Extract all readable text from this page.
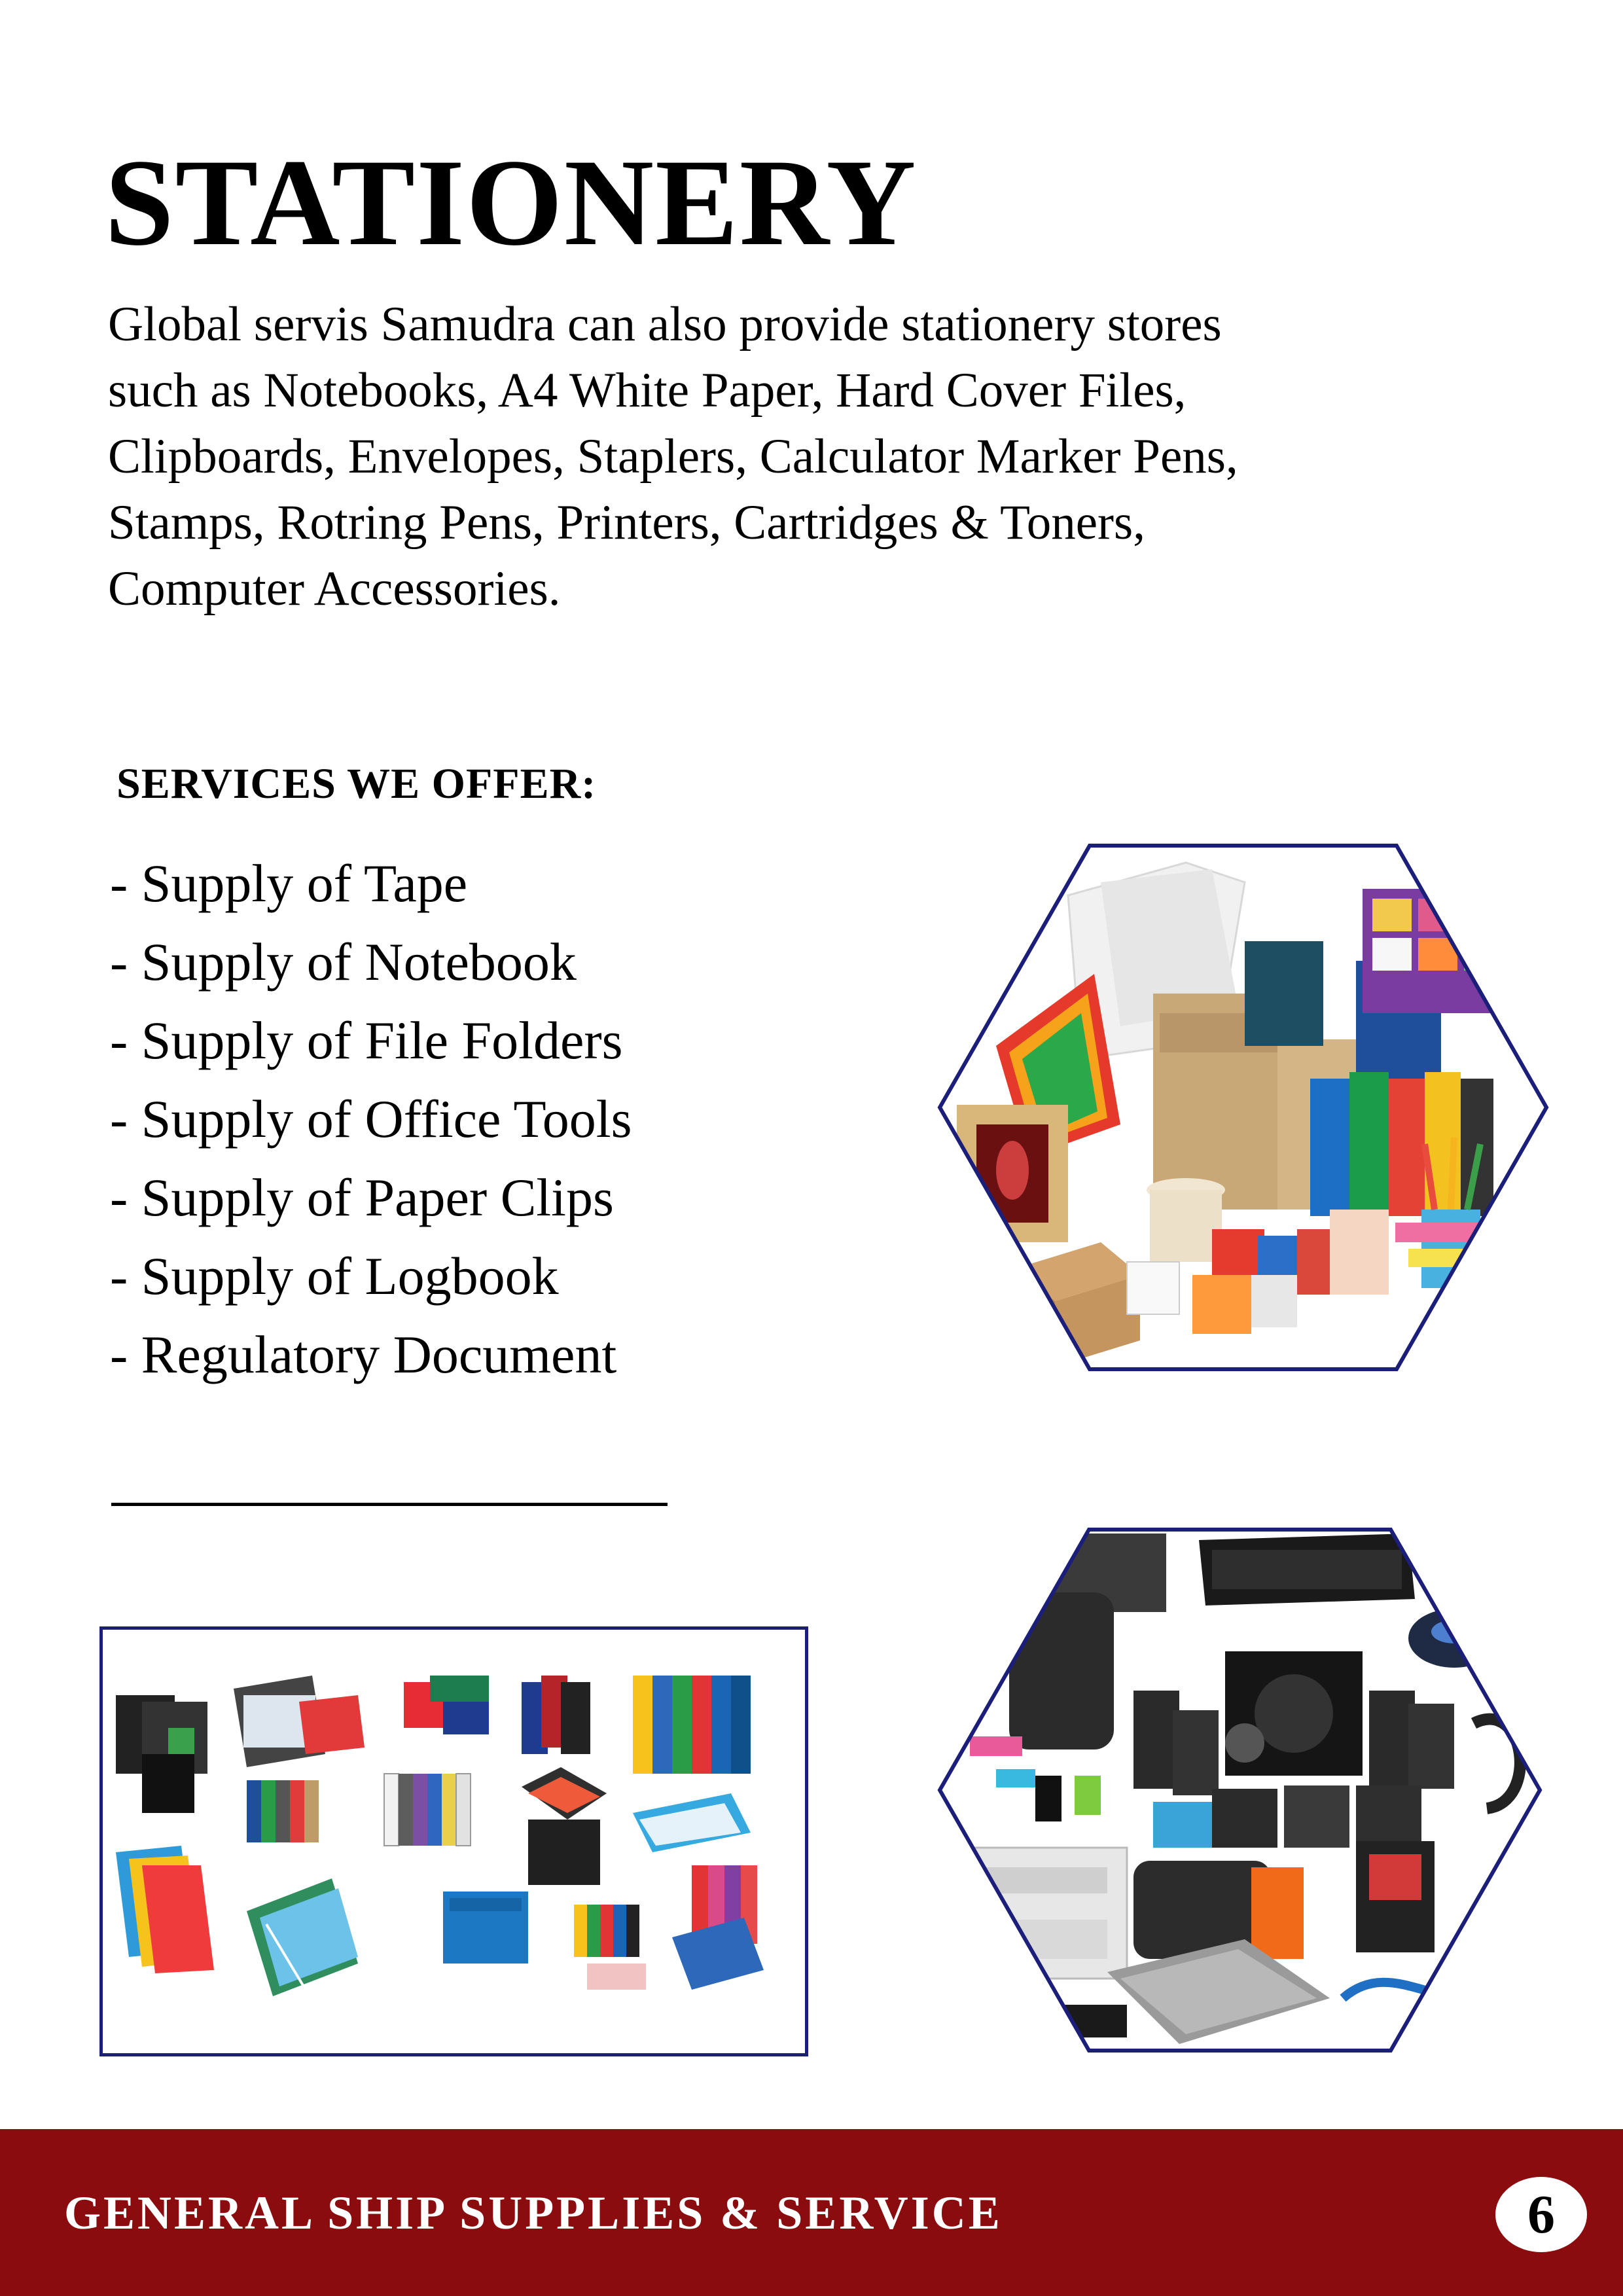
STATIONERY
Global servis Samudra can also provide stationery stores such as Notebooks, A4 White Paper, Hard Cover Files, Clipboards, Envelopes, Staplers, Calculator Marker Pens, Stamps, Rotring Pens, Printers, Cartridges & Toners, Computer Accessories.
SERVICES WE OFFER:
- Supply of Tape
- Supply of Notebook
- Supply of File Folders
- Supply of Office Tools
- Supply of Paper Clips
- Supply of Logbook
- Regulatory Document
GENERAL SHIP SUPPLIES & SERVICE	6
